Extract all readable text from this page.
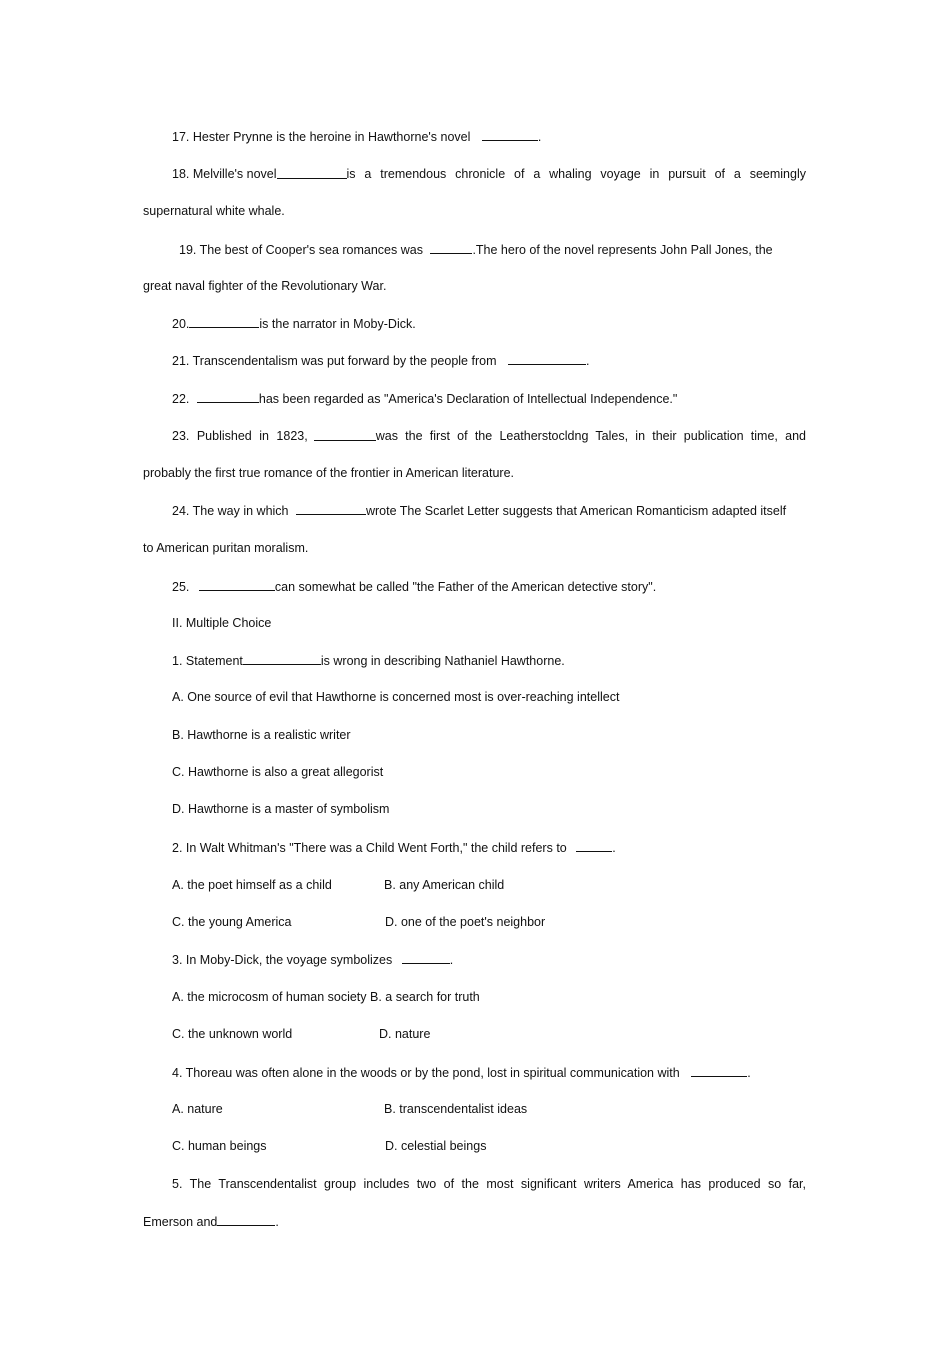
17. Hester Prynne is the heroine in Hawthorne's novel	.
18. Melville's novel	is a tremendous chronicle of a whaling voyage in pursuit of a seemingly
supernatural white whale.
19. The best of Cooper's sea romances was	.The hero of the novel represents John Pall Jones, the
great naval fighter of the Revolutionary War.
20.	is the narrator in Moby-Dick.
21. Transcendentalism was put forward by the people from	.
22.	has been regarded as "America's Declaration of Intellectual Independence."
23. Published in 1823,	was the first of the Leatherstocldng Tales, in their publication time, and
probably the first true romance of the frontier in American literature.
24. The way in which	wrote The Scarlet Letter suggests that American Romanticism adapted itself
to American puritan moralism.
25.	can somewhat be called "the Father of the American detective story".
II. Multiple Choice
1. Statement	is wrong in describing Nathaniel Hawthorne.
A. One source of evil that Hawthorne is concerned most is over-reaching intellect
B. Hawthorne is a realistic writer
C. Hawthorne is also a great allegorist
D. Hawthorne is a master of symbolism
2. In Walt Whitman's "There was a Child Went Forth," the child refers to	.
A. the poet himself as a child	B. any American child
C. the young America	D. one of the poet's neighbor
3. In Moby-Dick, the voyage symbolizes	.
A. the microcosm of human society B. a search for truth
C. the unknown world	D. nature
4. Thoreau was often alone in the woods or by the pond, lost in spiritual communication with	.
A. nature	B. transcendentalist ideas
C. human beings	D. celestial beings
5. The Transcendentalist group includes two of the most significant writers America has produced so far,
Emerson and	.
